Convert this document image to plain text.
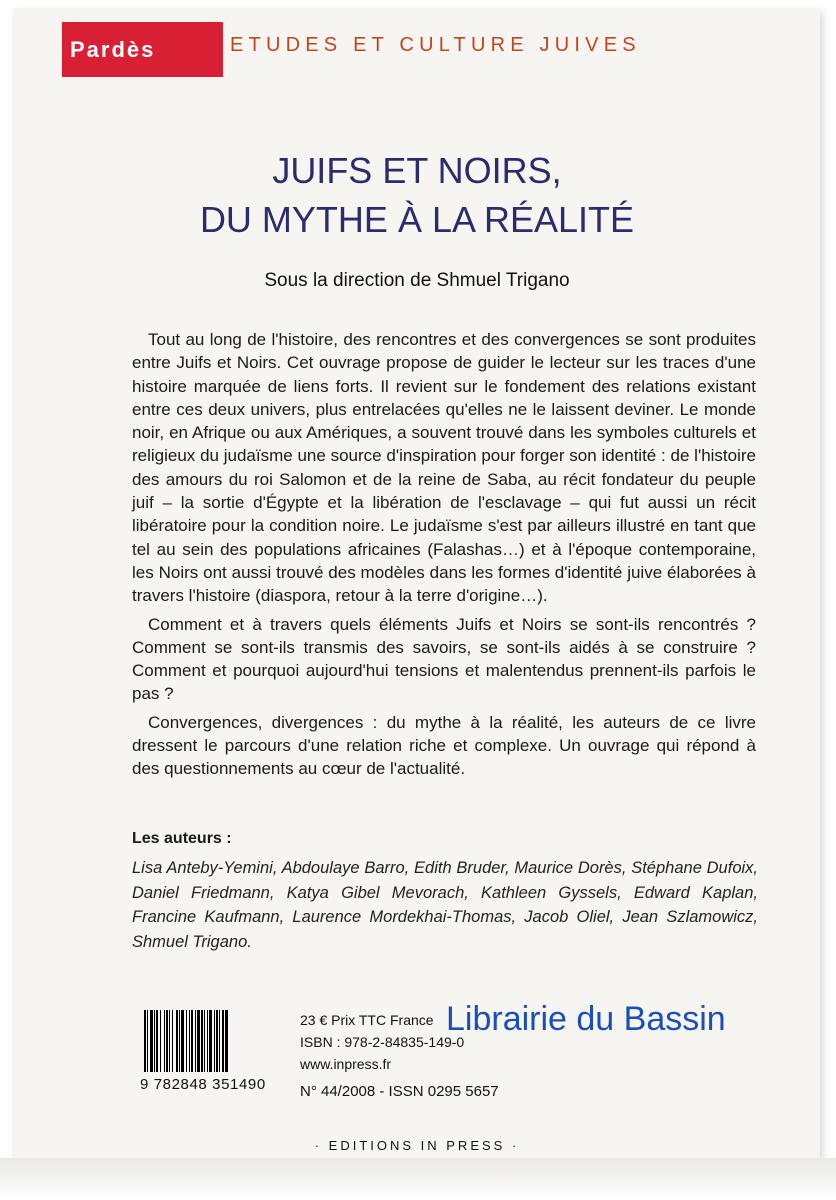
Pardès	ETUDES ET CULTURE JUIVES
JUIFS ET NOIRS,
DU MYTHE À LA RÉALITÉ
Sous la direction de Shmuel Trigano

Tout au long de l'histoire, des rencontres et des convergences se sont produites entre Juifs et Noirs. Cet ouvrage propose de guider le lecteur sur les traces d'une histoire marquée de liens forts. Il revient sur le fondement des relations existant entre ces deux univers, plus entrelacées qu'elles ne le laissent deviner. Le monde noir, en Afrique ou aux Amériques, a souvent trouvé dans les symboles culturels et religieux du judaïsme une source d'inspiration pour forger son identité : de l'histoire des amours du roi Salomon et de la reine de Saba, au récit fondateur du peuple juif – la sortie d'Égypte et la libération de l'esclavage – qui fut aussi un récit libératoire pour la condition noire. Le judaïsme s'est par ailleurs illustré en tant que tel au sein des populations africaines (Falashas…) et à l'époque contemporaine, les Noirs ont aussi trouvé des modèles dans les formes d'identité juive élaborées à travers l'histoire (diaspora, retour à la terre d'origine…).

Comment et à travers quels éléments Juifs et Noirs se sont-ils rencontrés ? Comment se sont-ils transmis des savoirs, se sont-ils aidés à se construire ? Comment et pourquoi aujourd'hui tensions et malentendus prennent-ils parfois le pas ?

Convergences, divergences : du mythe à la réalité, les auteurs de ce livre dressent le parcours d'une relation riche et complexe. Un ouvrage qui répond à des questionnements au cœur de l'actualité.

Les auteurs :
Lisa Anteby-Yemini, Abdoulaye Barro, Edith Bruder, Maurice Dorès, Stéphane Dufoix, Daniel Friedmann, Katya Gibel Mevorach, Kathleen Gyssels, Edward Kaplan, Francine Kaufmann, Laurence Mordekhai-Thomas, Jacob Oliel, Jean Szlamowicz, Shmuel Trigano.
9 782848 351490
23 € Prix TTC France
ISBN : 978-2-84835-149-0
www.inpress.fr
N° 44/2008 - ISSN 0295 5657
· EDITIONS IN PRESS ·
Librairie du Bassin
